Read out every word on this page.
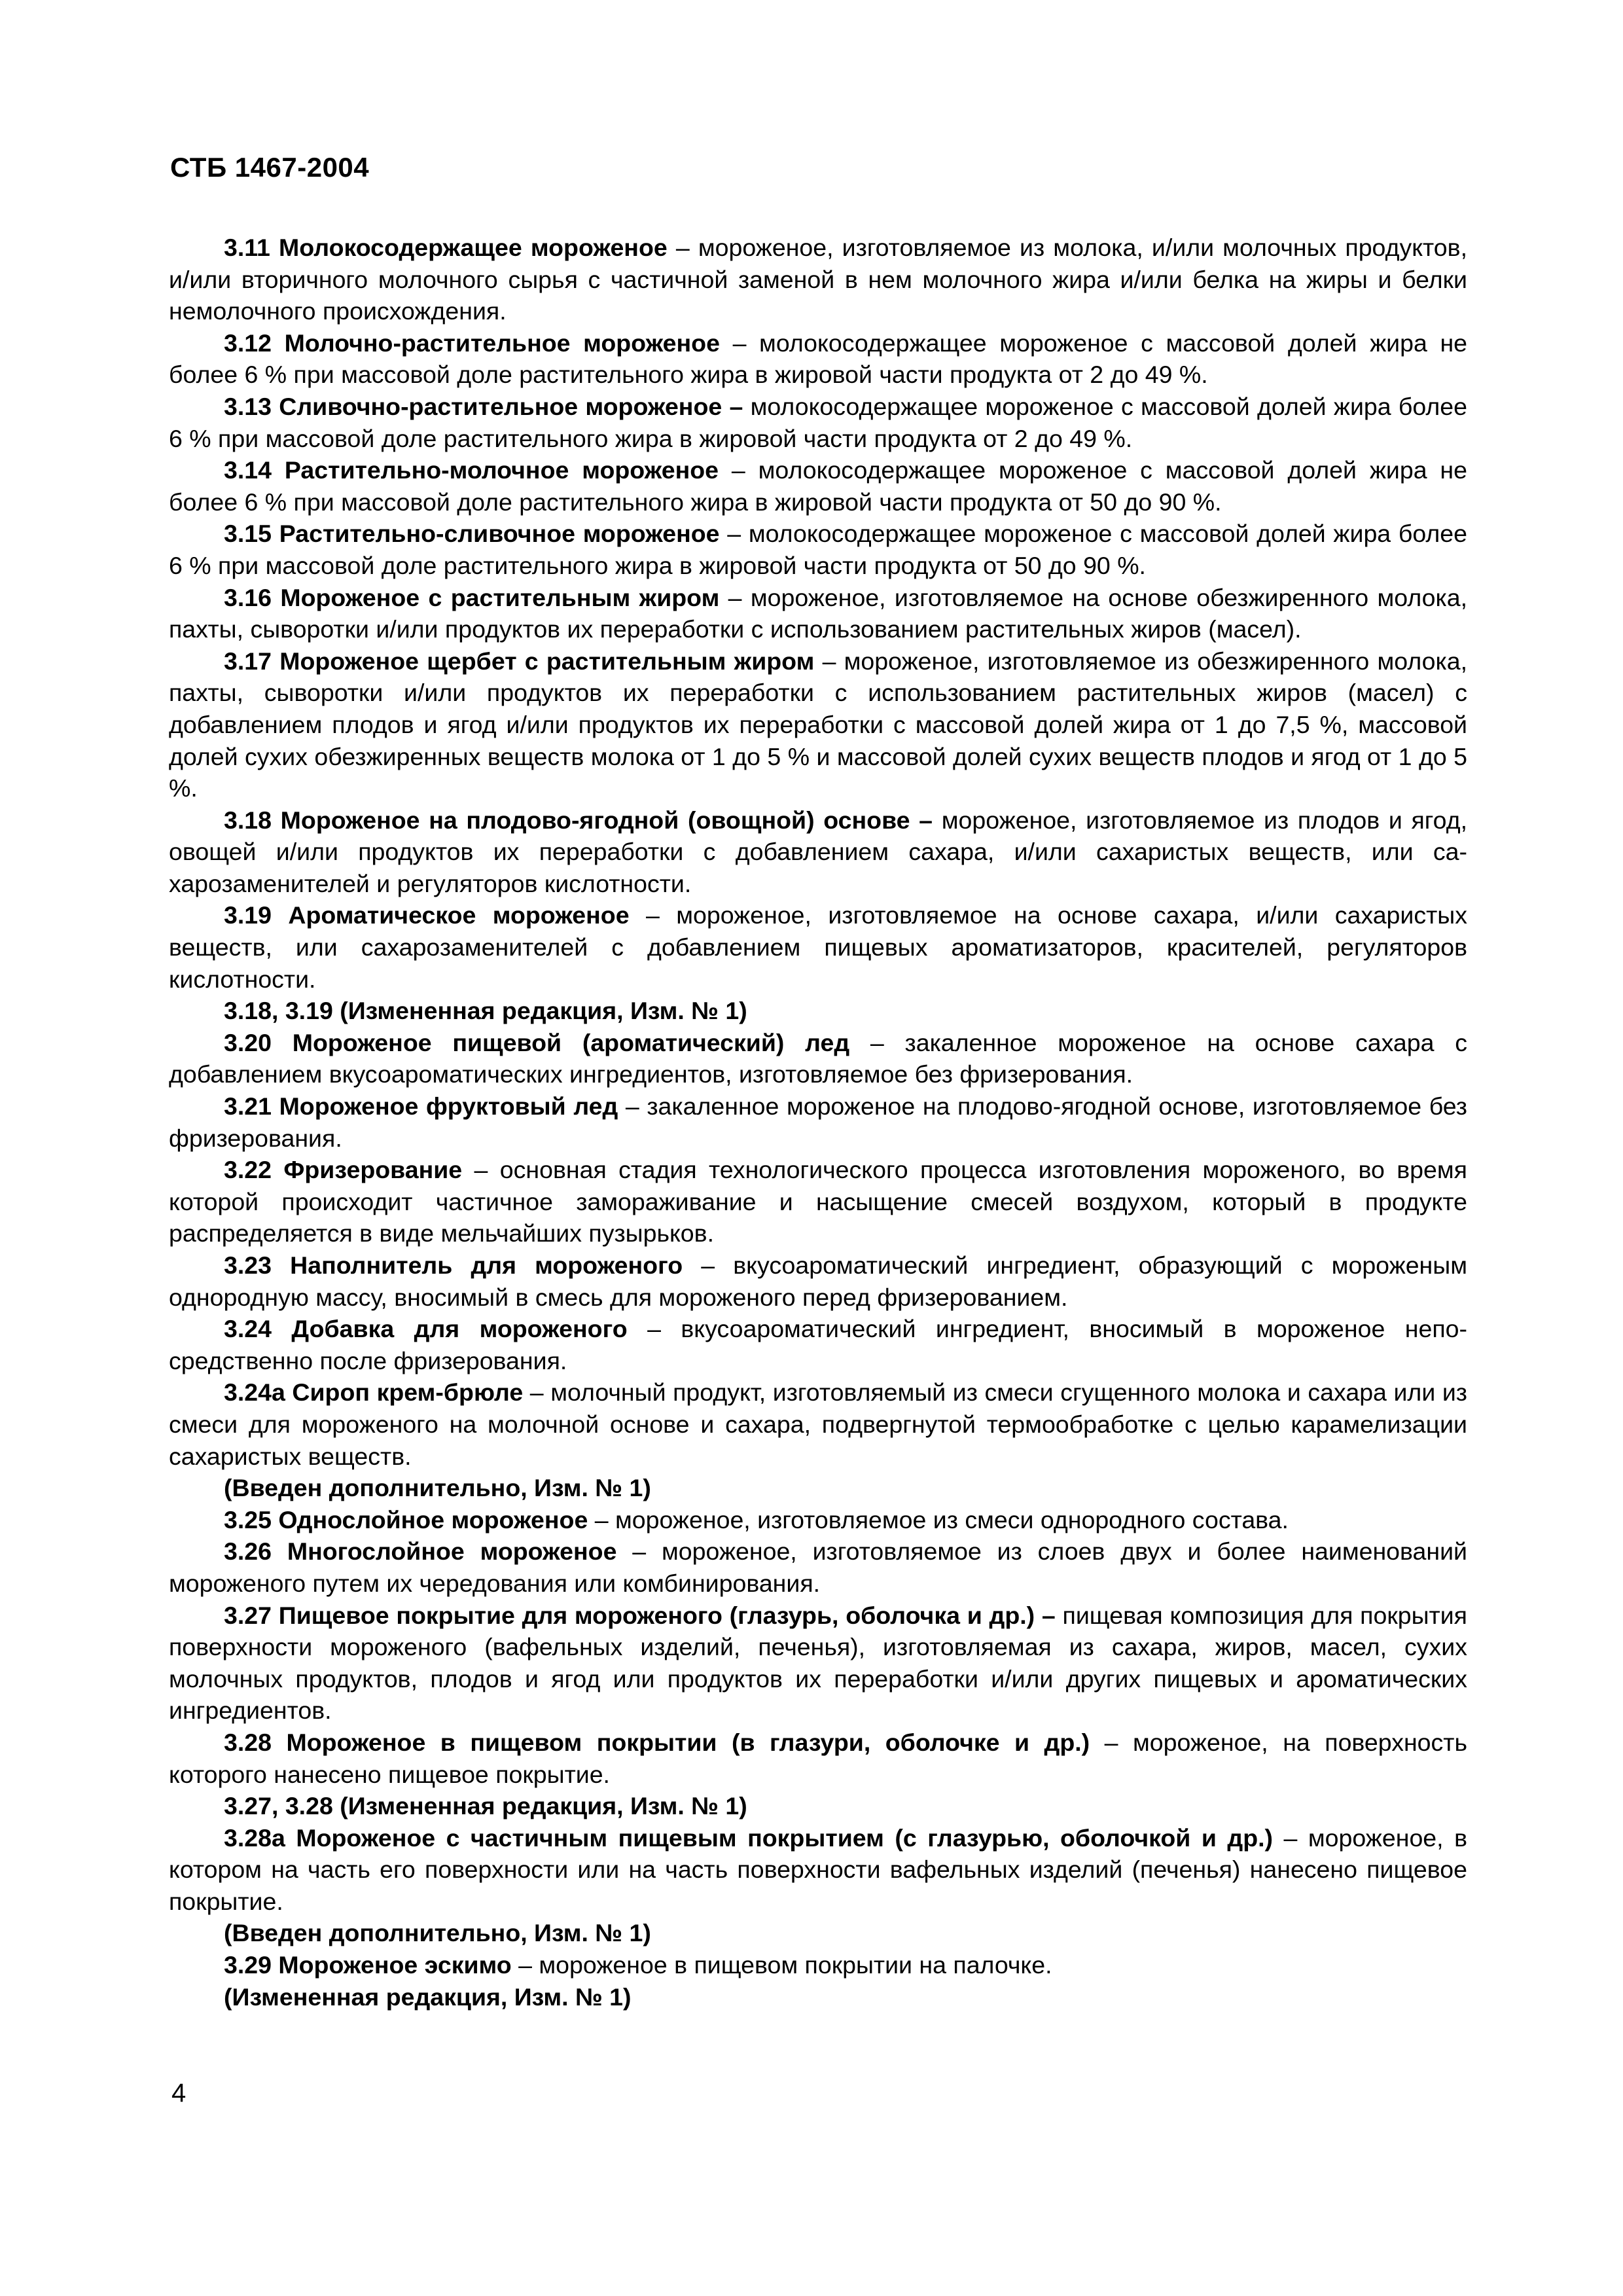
СТБ 1467-2004

3.11 Молокосодержащее мороженое – мороженое, изготовляемое из молока, и/или молочных продуктов, и/или вторичного молочного сырья с частичной заменой в нем молочного жира и/или белка на жиры и белки немолочного происхождения.

3.12 Молочно-растительное мороженое – молокосодержащее мороженое с массовой долей жира не более 6 % при массовой доле растительного жира в жировой части продукта от 2 до 49 %.

3.13 Сливочно-растительное мороженое – молокосодержащее мороженое с массовой долей жира более 6 % при массовой доле растительного жира в жировой части продукта от 2 до 49 %.

3.14 Растительно-молочное мороженое – молокосодержащее мороженое с массовой долей жира не более 6 % при массовой доле растительного жира в жировой части продукта от 50 до 90 %.

3.15 Растительно-сливочное мороженое – молокосодержащее мороженое с массовой долей жира более 6 % при массовой доле растительного жира в жировой части продукта от 50 до 90 %.

3.16 Мороженое с растительным жиром – мороженое, изготовляемое на основе обезжиренного молока, пахты, сыворотки и/или продуктов их переработки с использованием растительных жиров (масел).

3.17 Мороженое щербет с растительным жиром – мороженое, изготовляемое из обезжиренного молока, пахты, сыворотки и/или продуктов их переработки с использованием растительных жиров (масел) с добавлением плодов и ягод и/или продуктов их переработки с массовой долей жира от 1 до 7,5 %, массовой долей сухих обезжиренных веществ молока от 1 до 5 % и массовой долей сухих веществ плодов и ягод от 1 до 5 %.

3.18 Мороженое на плодово-ягодной (овощной) основе – мороженое, изготовляемое из плодов и ягод, овощей и/или продуктов их переработки с добавлением сахара, и/или сахаристых веществ, или сахарозаменителей и регуляторов кислотности.

3.19 Ароматическое мороженое – мороженое, изготовляемое на основе сахара, и/или сахаристых веществ, или сахарозаменителей с добавлением пищевых ароматизаторов, красителей, регуляторов кислотности.

3.18, 3.19 (Измененная редакция, Изм. № 1)

3.20 Мороженое пищевой (ароматический) лед – закаленное мороженое на основе сахара с добавлением вкусоароматических ингредиентов, изготовляемое без фризерования.

3.21 Мороженое фруктовый лед – закаленное мороженое на плодово-ягодной основе, изготовляемое без фризерования.

3.22 Фризерование – основная стадия технологического процесса изготовления мороженого, во время которой происходит частичное замораживание и насыщение смесей воздухом, который в продукте распределяется в виде мельчайших пузырьков.

3.23 Наполнитель для мороженого – вкусоароматический ингредиент, образующий с мороженым однородную массу, вносимый в смесь для мороженого перед фризерованием.

3.24 Добавка для мороженого – вкусоароматический ингредиент, вносимый в мороженое непосредственно после фризерования.

3.24а Сироп крем-брюле – молочный продукт, изготовляемый из смеси сгущенного молока и сахара или из смеси для мороженого на молочной основе и сахара, подвергнутой термообработке с целью карамелизации сахаристых веществ.

(Введен дополнительно, Изм. № 1)

3.25 Однослойное мороженое – мороженое, изготовляемое из смеси однородного состава.

3.26 Многослойное мороженое – мороженое, изготовляемое из слоев двух и более наименований мороженого путем их чередования или комбинирования.

3.27 Пищевое покрытие для мороженого (глазурь, оболочка и др.) – пищевая композиция для покрытия поверхности мороженого (вафельных изделий, печенья), изготовляемая из сахара, жиров, масел, сухих молочных продуктов, плодов и ягод или продуктов их переработки и/или других пищевых и ароматических ингредиентов.

3.28 Мороженое в пищевом покрытии (в глазури, оболочке и др.) – мороженое, на поверхность которого нанесено пищевое покрытие.

3.27, 3.28 (Измененная редакция, Изм. № 1)

3.28а Мороженое с частичным пищевым покрытием (с глазурью, оболочкой и др.) – мороженое, в котором на часть его поверхности или на часть поверхности вафельных изделий (печенья) нанесено пищевое покрытие.

(Введен дополнительно, Изм. № 1)

3.29 Мороженое эскимо – мороженое в пищевом покрытии на палочке.

(Измененная редакция, Изм. № 1)

4
